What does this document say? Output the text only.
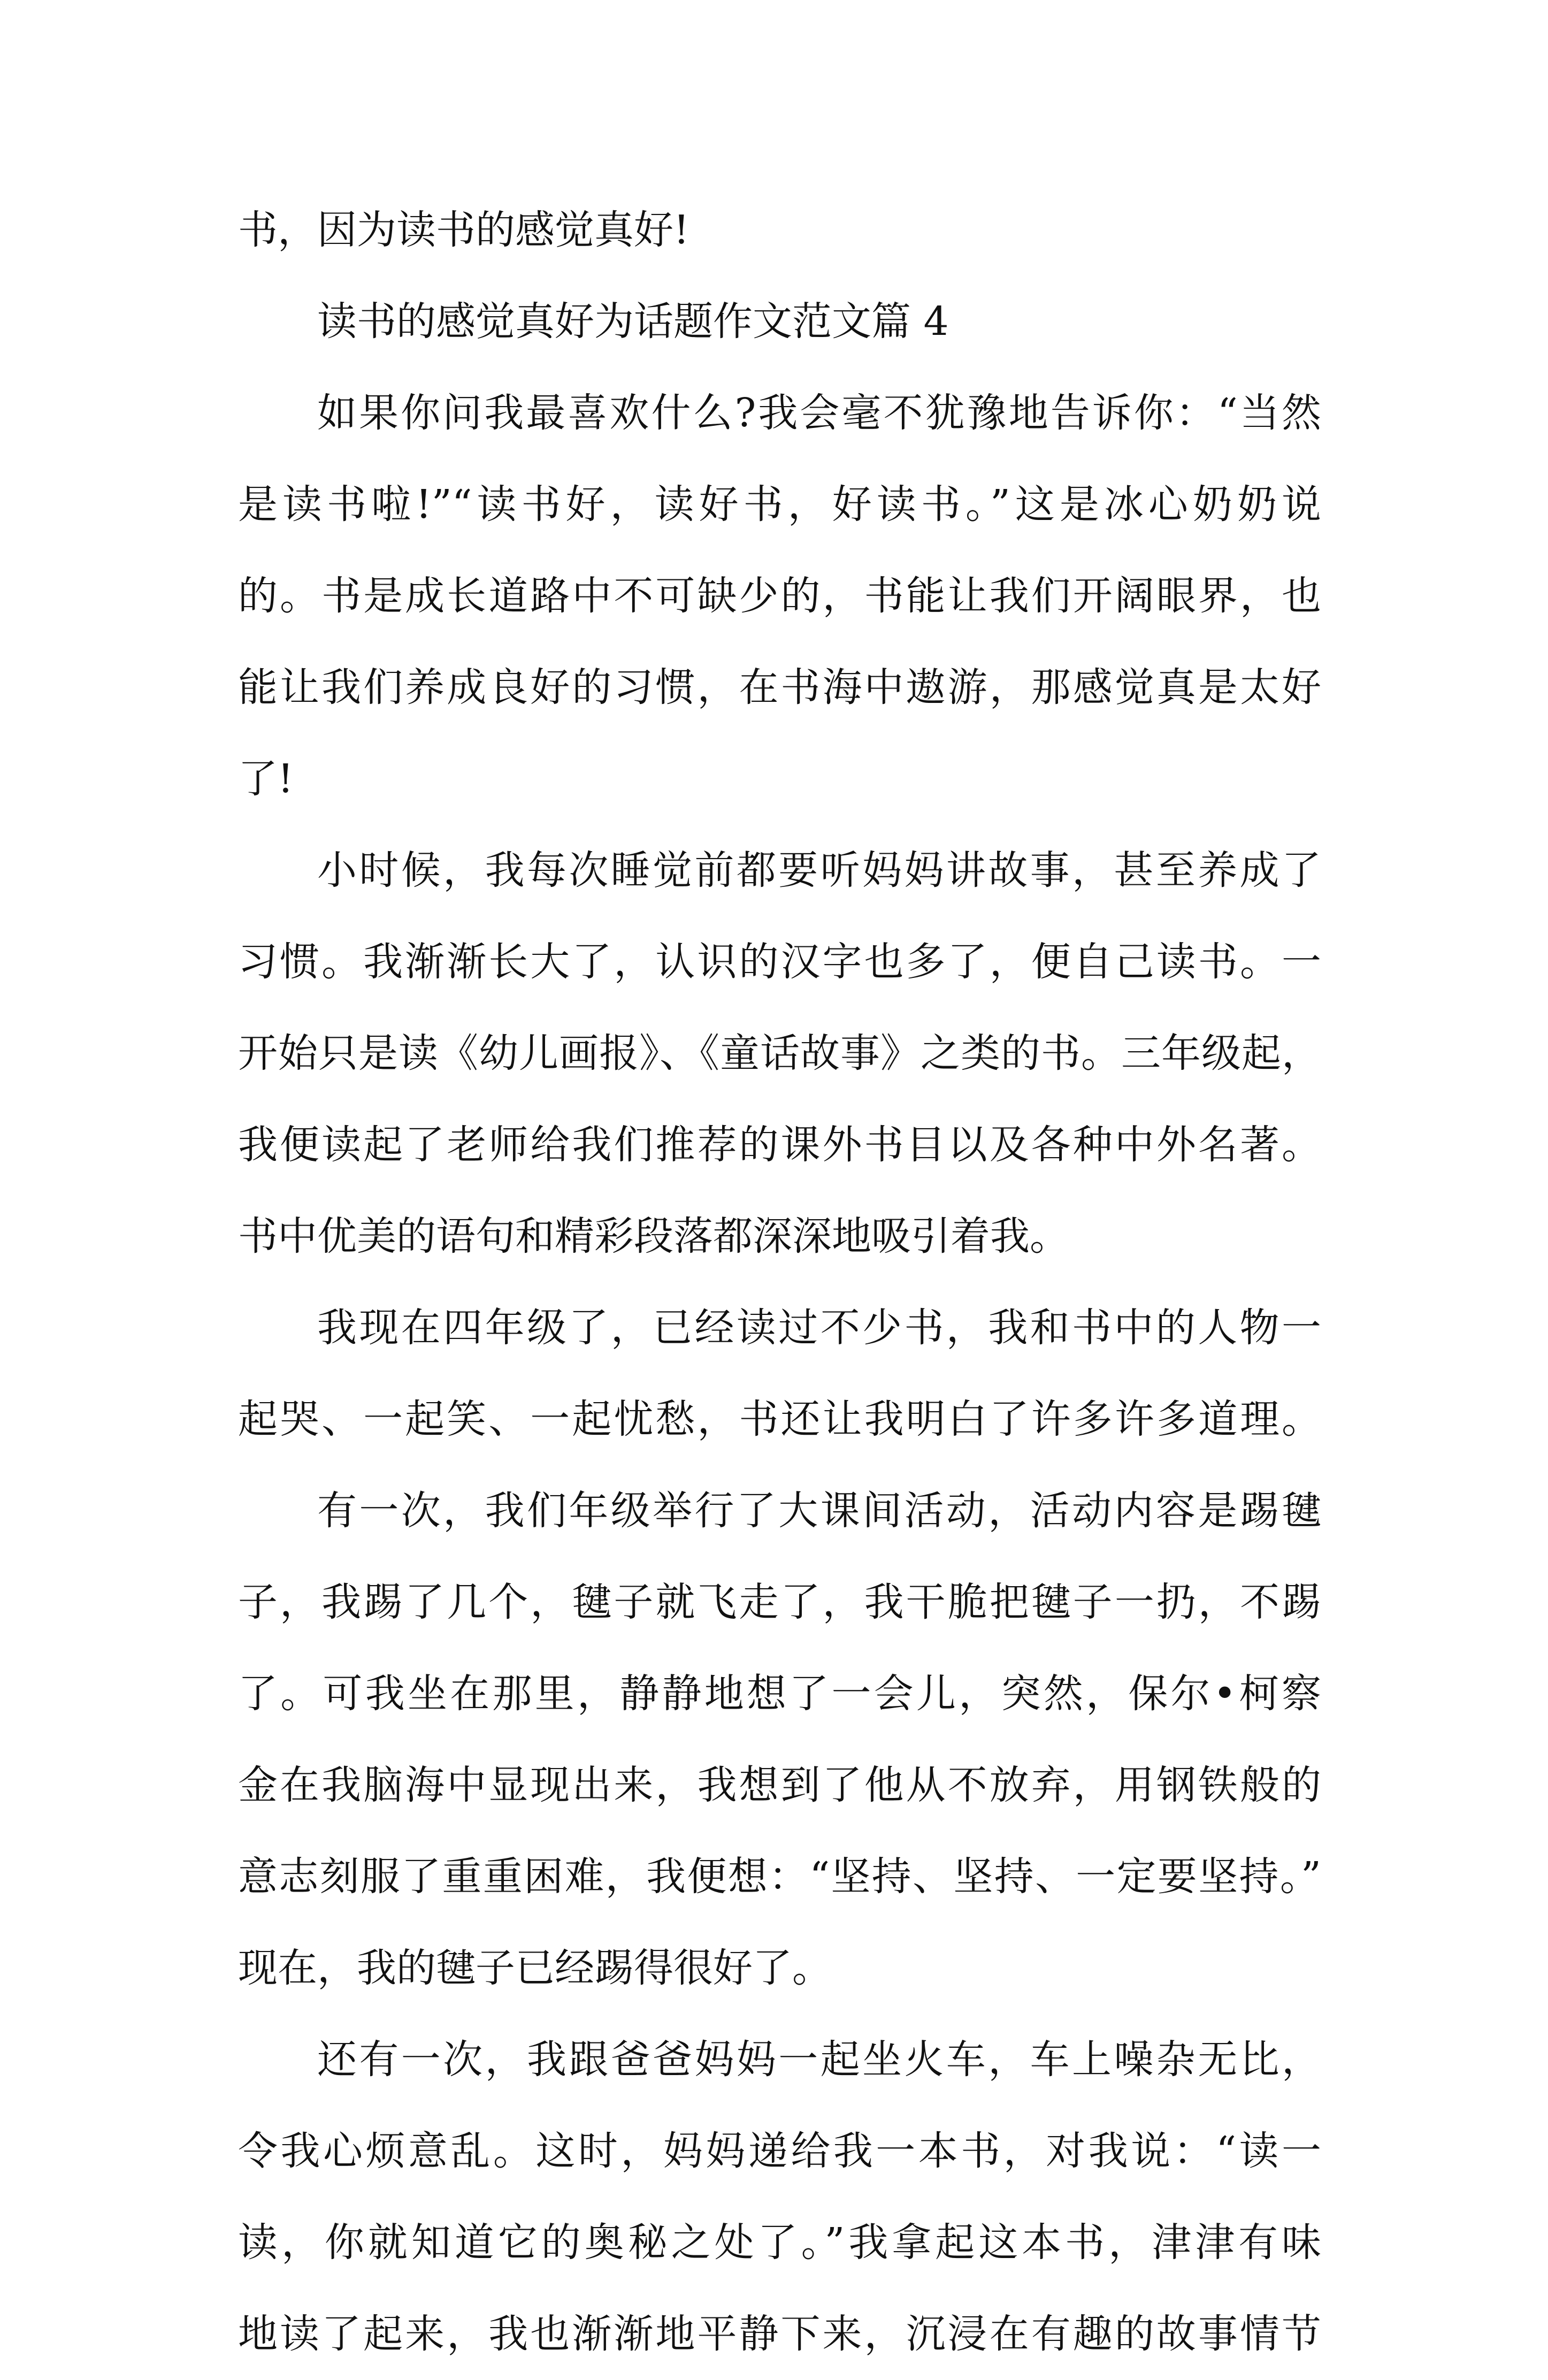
书，因为读书的感觉真好!
读书的感觉真好为话题作文范文篇 4
如果你问我最喜欢什么?我会毫不犹豫地告诉你：“当然
是读书啦!”“读书好，读好书，好读书。”这是冰心奶奶说
的。书是成长道路中不可缺少的，书能让我们开阔眼界，也
能让我们养成良好的习惯，在书海中遨游，那感觉真是太好
了!
小时候，我每次睡觉前都要听妈妈讲故事，甚至养成了
习惯。我渐渐长大了，认识的汉字也多了，便自己读书。一
开始只是读《幼儿画报》、《童话故事》之类的书。三年级起，
我便读起了老师给我们推荐的课外书目以及各种中外名著。
书中优美的语句和精彩段落都深深地吸引着我。
我现在四年级了，已经读过不少书，我和书中的人物一
起哭、一起笑、一起忧愁，书还让我明白了许多许多道理。
有一次，我们年级举行了大课间活动，活动内容是踢毽
子，我踢了几个，毽子就飞走了，我干脆把毽子一扔，不踢
了。可我坐在那里，静静地想了一会儿，突然，保尔•柯察
金在我脑海中显现出来，我想到了他从不放弃，用钢铁般的
意志刻服了重重困难，我便想：“坚持、坚持、一定要坚持。”
现在，我的毽子已经踢得很好了。
还有一次，我跟爸爸妈妈一起坐火车，车上噪杂无比，
令我心烦意乱。这时，妈妈递给我一本书，对我说：“读一
读，你就知道它的奥秘之处了。”我拿起这本书，津津有味
地读了起来，我也渐渐地平静下来，沉浸在有趣的故事情节
